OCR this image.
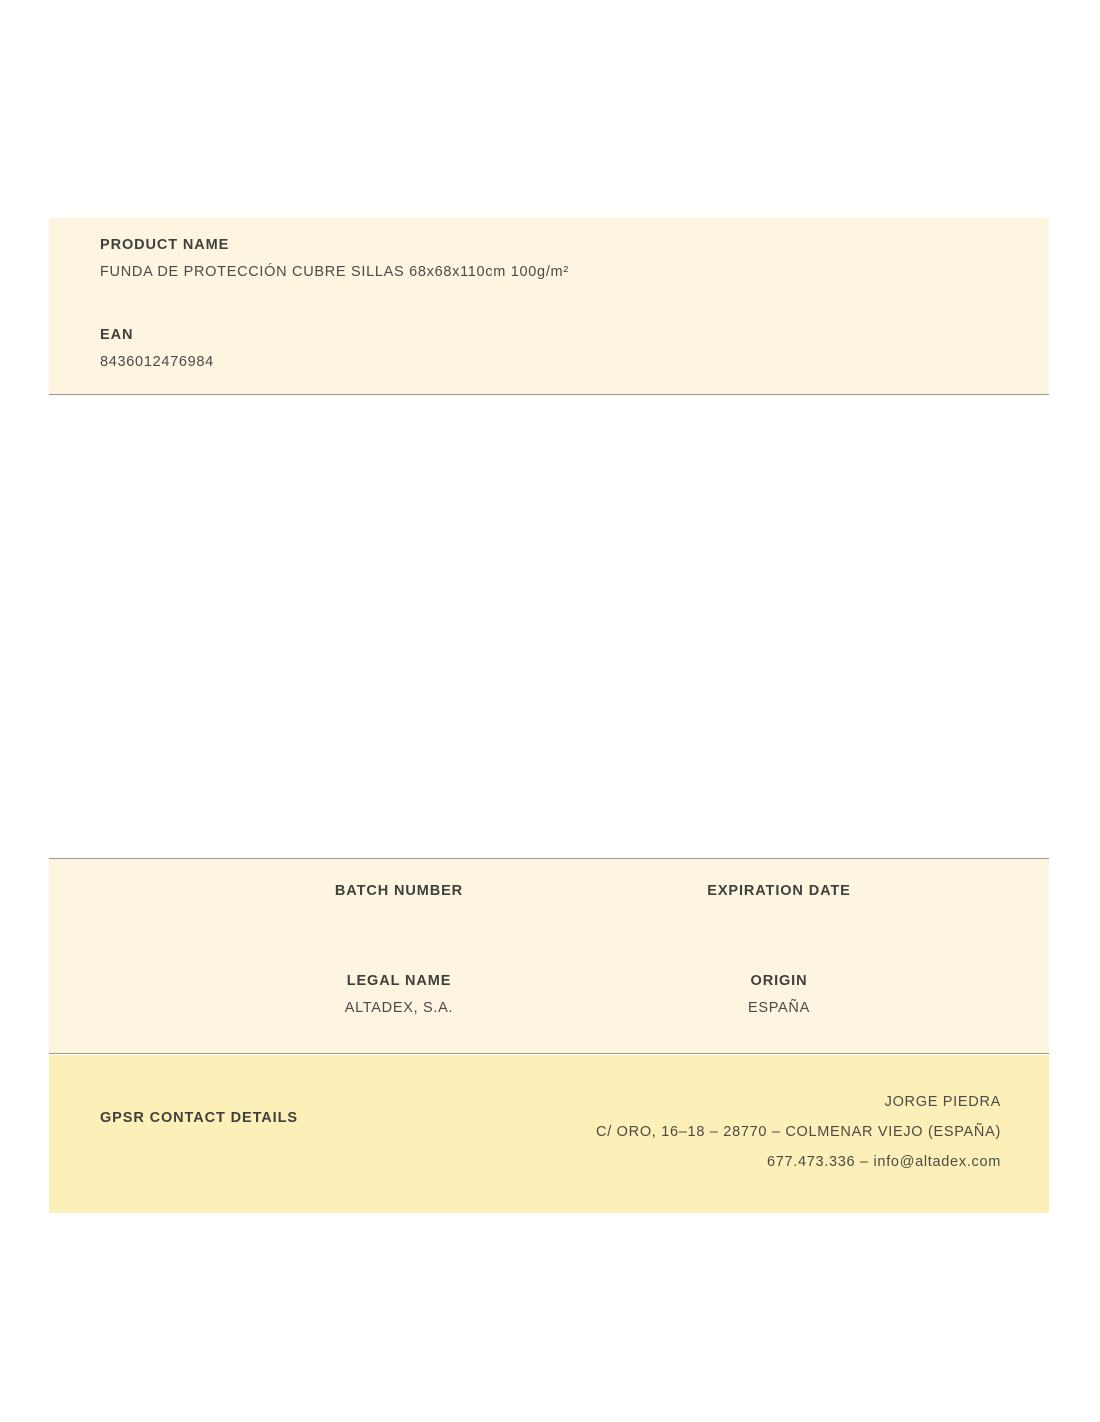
PRODUCT NAME

FUNDA DE PROTECCIÓN CUBRE SILLAS 68x68x110cm 100g/m²

EAN

8436012476984

BATCH NUMBER	EXPIRATION DATE

LEGAL NAME

ALTADEX, S.A.

ORIGIN

ESPAÑA

GPSR CONTACT DETAILS

JORGE PIEDRA

C/ ORO, 16–18 – 28770 – COLMENAR VIEJO (ESPAÑA)

677.473.336 – info@altadex.com
